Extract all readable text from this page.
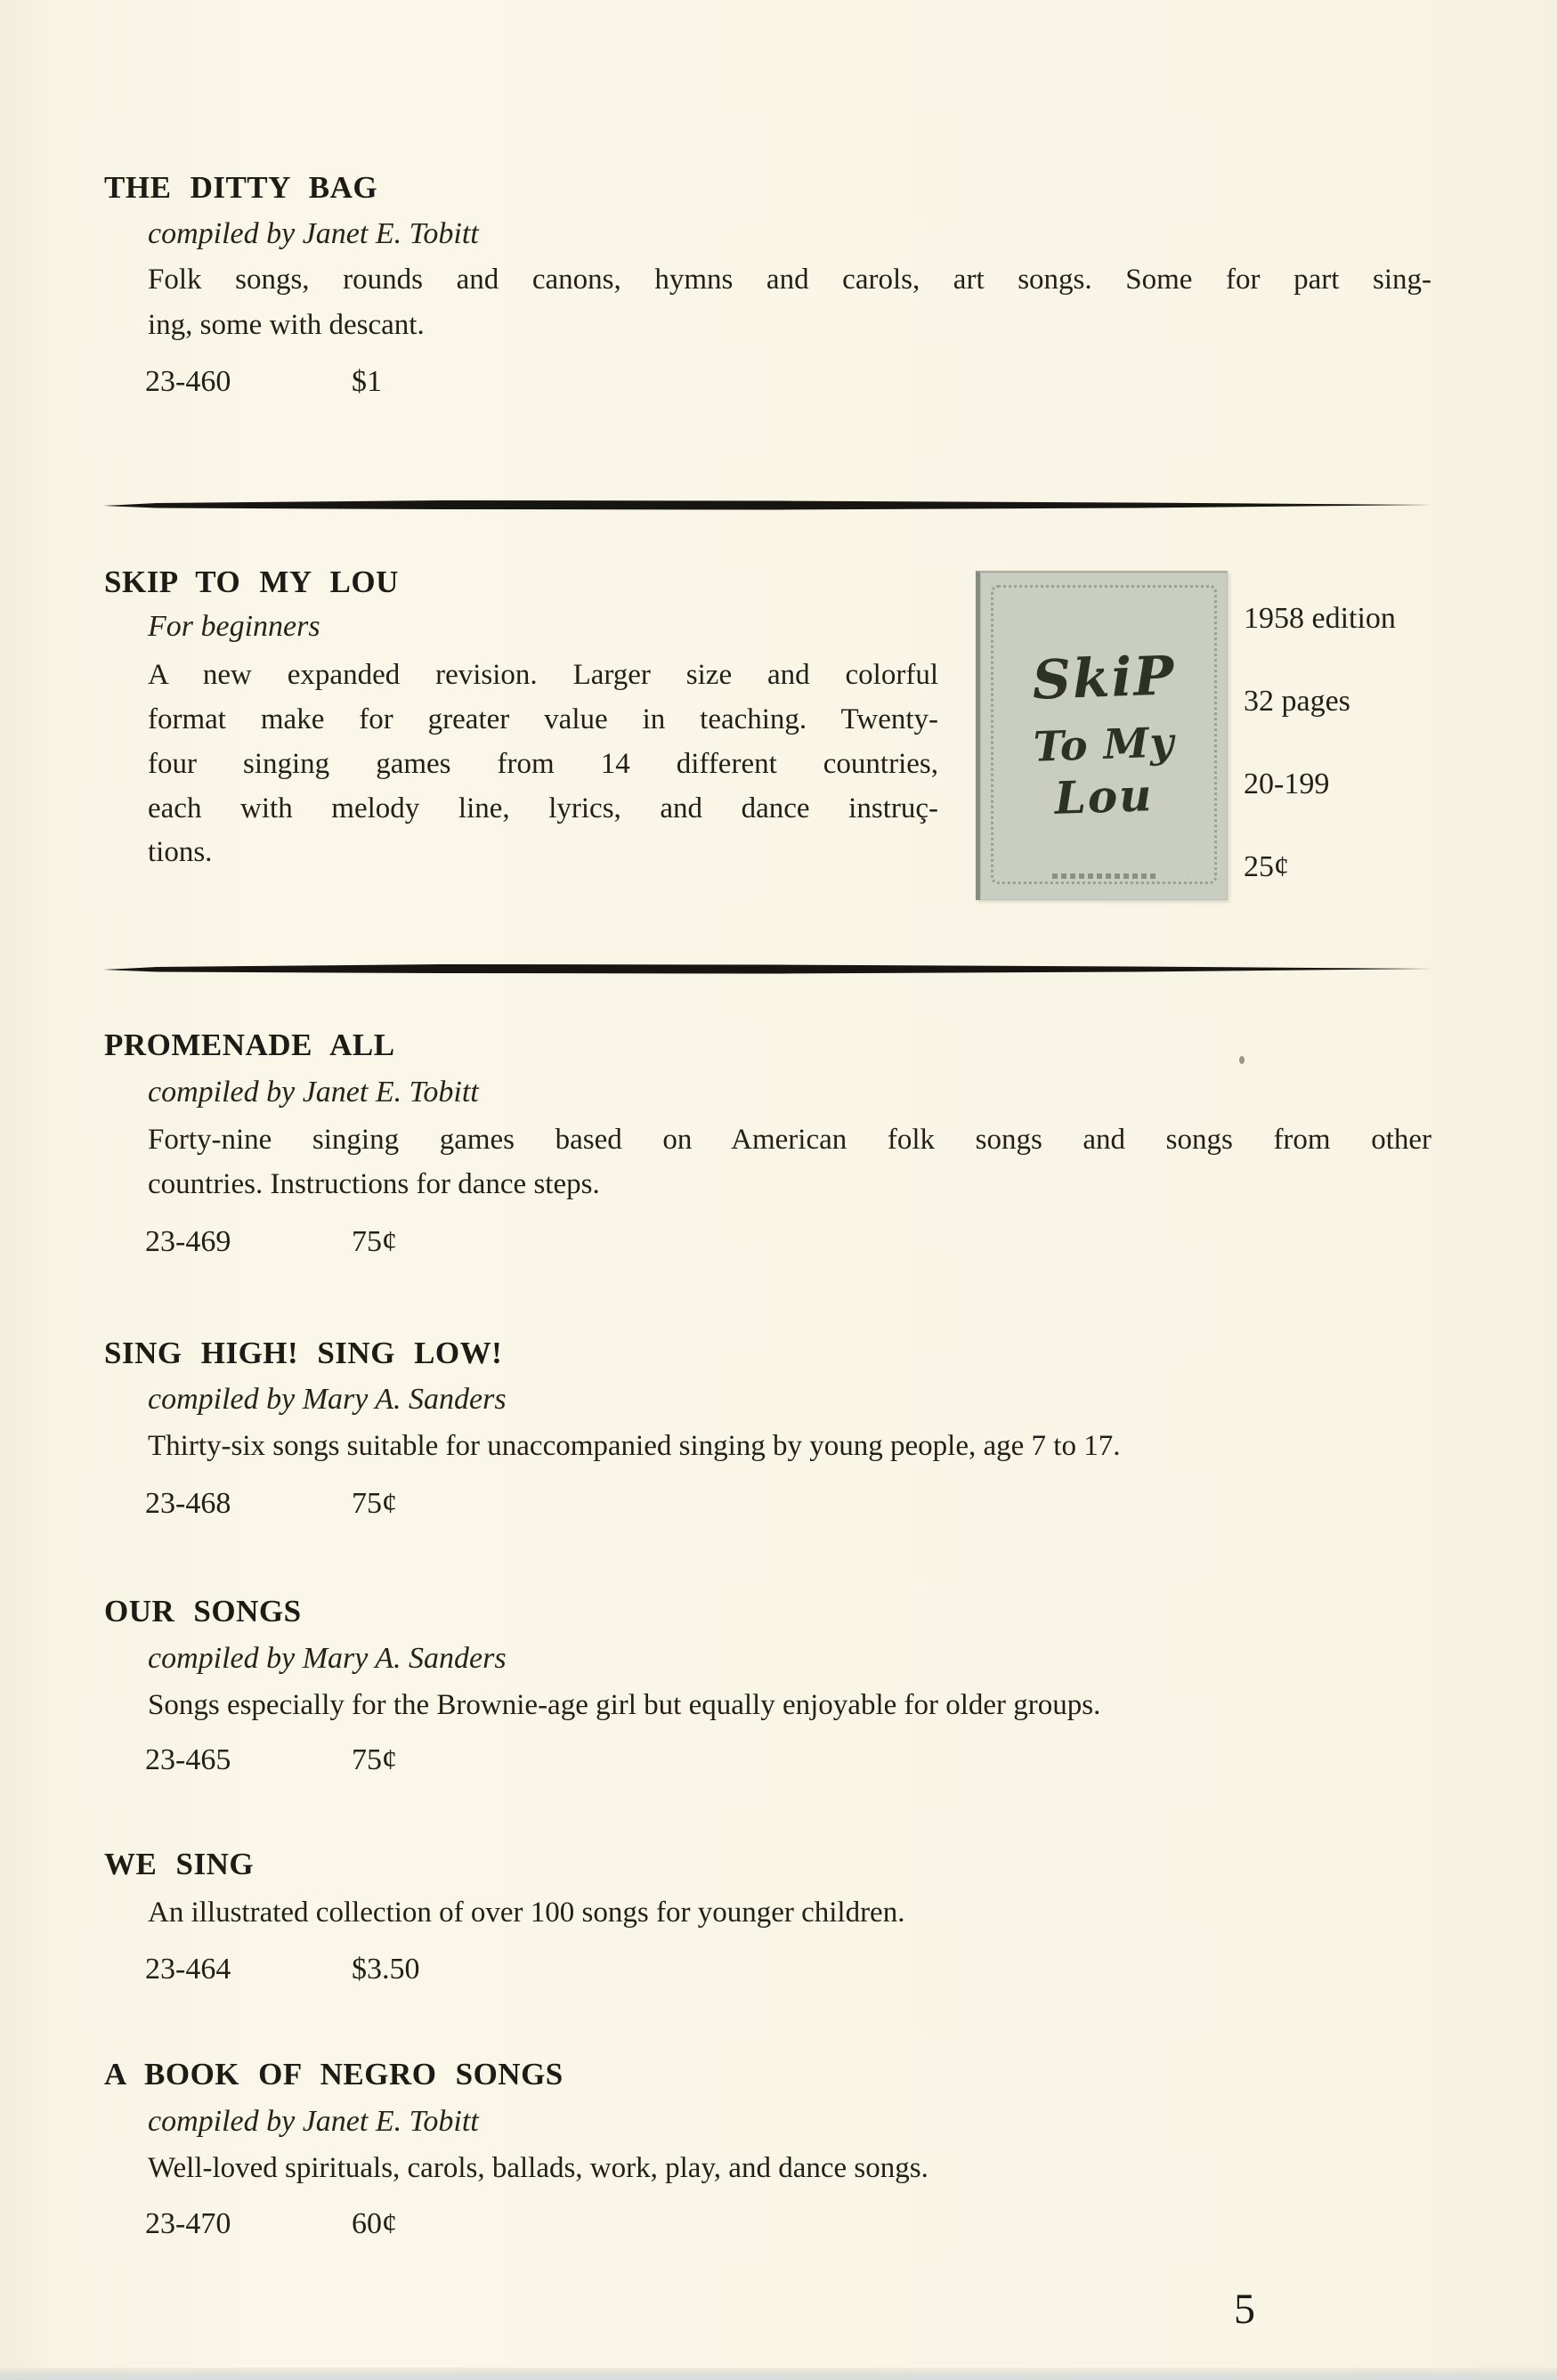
THE DITTY BAG
compiled by Janet E. Tobitt
Folk songs, rounds and canons, hymns and carols, art songs. Some for part sing-
ing, some with descant.
23-460	$1
SKIP TO MY LOU
For beginners
A new expanded revision. Larger size and colorful
format make for greater value in teaching. Twenty-
four singing games from 14 different countries,
each with melody line, lyrics, and dance instruç-
tions.
SkiP
To My
Lou
1958 edition
32 pages
20-199
25¢
PROMENADE ALL
compiled by Janet E. Tobitt
Forty-nine singing games based on American folk songs and songs from other
countries. Instructions for dance steps.
23-469	75¢
SING HIGH! SING LOW!
compiled by Mary A. Sanders
Thirty-six songs suitable for unaccompanied singing by young people, age 7 to 17.
23-468	75¢
OUR SONGS
compiled by Mary A. Sanders
Songs especially for the Brownie-age girl but equally enjoyable for older groups.
23-465	75¢
WE SING
An illustrated collection of over 100 songs for younger children.
23-464	$3.50
A BOOK OF NEGRO SONGS
compiled by Janet E. Tobitt
Well-loved spirituals, carols, ballads, work, play, and dance songs.
23-470	60¢
5
